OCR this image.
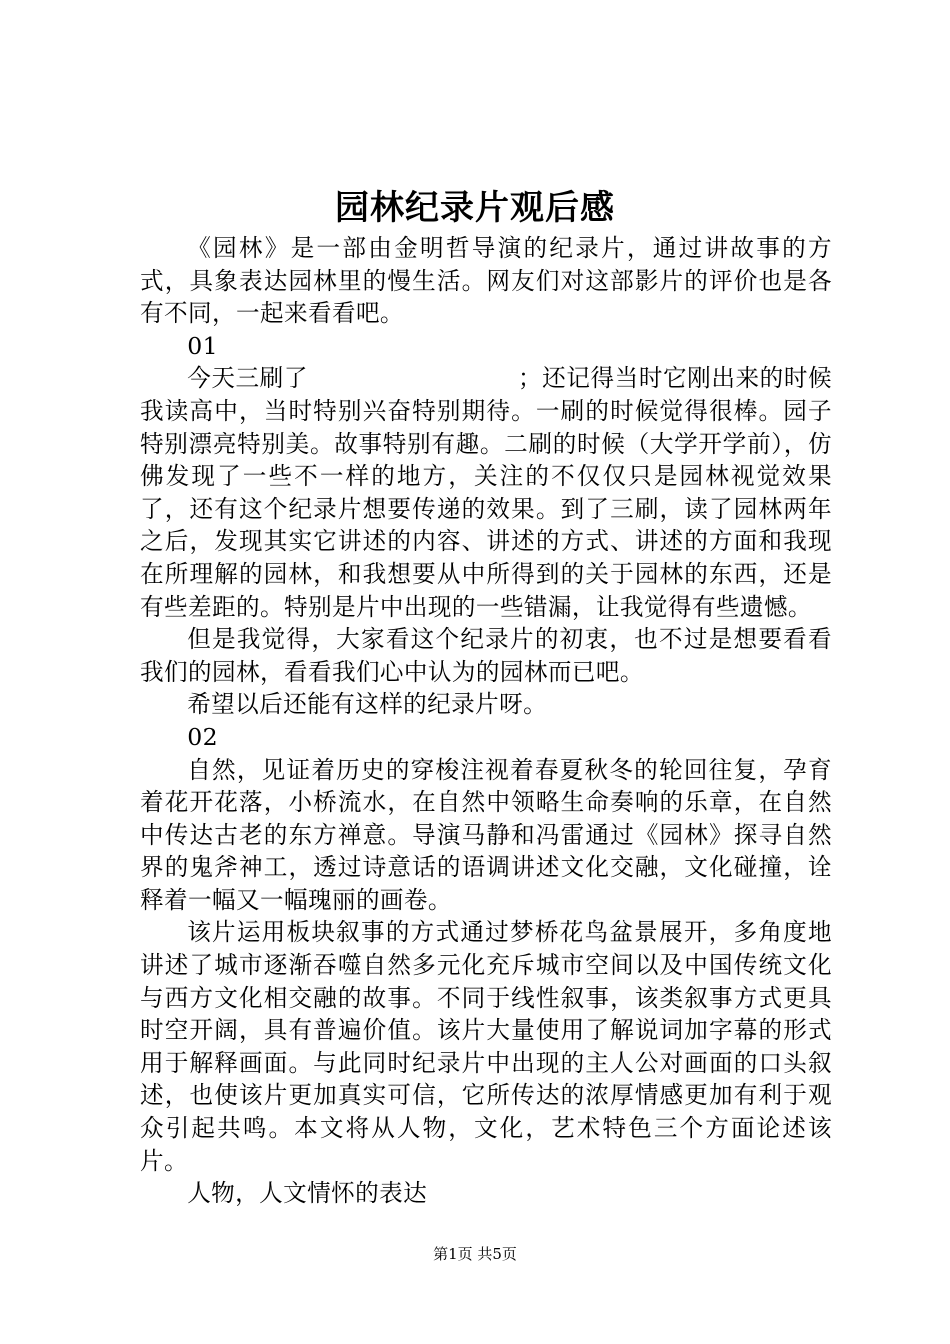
园林纪录片观后感

《园林》是一部由金明哲导演的纪录片，通过讲故事的方式，具象表达园林里的慢生活。网友们对这部影片的评价也是各有不同，一起来看看吧。

01

今天三刷了	；还记得当时它刚出来的时候我读高中，当时特别兴奋特别期待。一刷的时候觉得很棒。园子特别漂亮特别美。故事特别有趣。二刷的时候（大学开学前），仿佛发现了一些不一样的地方，关注的不仅仅只是园林视觉效果了，还有这个纪录片想要传递的效果。到了三刷，读了园林两年之后，发现其实它讲述的内容、讲述的方式、讲述的方面和我现在所理解的园林，和我想要从中所得到的关于园林的东西，还是有些差距的。特别是片中出现的一些错漏，让我觉得有些遗憾。

但是我觉得，大家看这个纪录片的初衷，也不过是想要看看我们的园林，看看我们心中认为的园林而已吧。

希望以后还能有这样的纪录片呀。

02

自然，见证着历史的穿梭注视着春夏秋冬的轮回往复，孕育着花开花落，小桥流水，在自然中领略生命奏响的乐章，在自然中传达古老的东方禅意。导演马静和冯雷通过《园林》探寻自然界的鬼斧神工，透过诗意话的语调讲述文化交融，文化碰撞，诠释着一幅又一幅瑰丽的画卷。

该片运用板块叙事的方式通过梦桥花鸟盆景展开，多角度地讲述了城市逐渐吞噬自然多元化充斥城市空间以及中国传统文化与西方文化相交融的故事。不同于线性叙事，该类叙事方式更具时空开阔，具有普遍价值。该片大量使用了解说词加字幕的形式用于解释画面。与此同时纪录片中出现的主人公对画面的口头叙述，也使该片更加真实可信，它所传达的浓厚情感更加有利于观众引起共鸣。本文将从人物，文化，艺术特色三个方面论述该片。

人物，人文情怀的表达

第1页 共5页
